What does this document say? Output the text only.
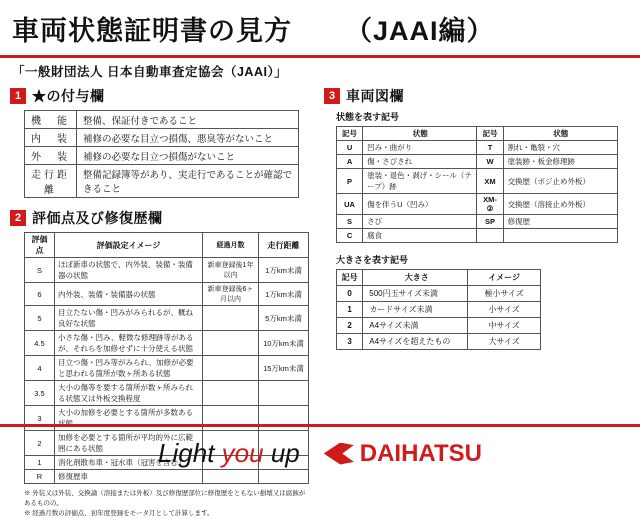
車両状態証明書の見方 （JAAI編）
「一般財団法人 日本自動車査定協会（JAAI）」
1 ★の付与欄
機　能	整備、保証付きであること
内　装	補修の必要な目立つ損傷、悪臭等がないこと
外　装	補修の必要な目立つ損傷がないこと
走行距離	整備記録簿等があり、実走行であることが確認できること
2 評価点及び修復歴欄
評価点	評価設定イメージ	経過月数	走行距離
S	ほぼ新車の状態で、内外装、装備・装備器の状態	新車登録後1年以内	1万km未満
6	内外装、装備・装備器の状態	新車登録後6ヶ月以内	1万km未満
5	目立たない傷・凹みがみられるが、概ね良好な状態		5万km未満
4.5	小さな傷・凹み、軽微な修理跡等があるが、それらを加修せずに十分使える状態		10万km未満
4	目立つ傷・凹み等がみられ、加修が必要と思われる箇所が数ヶ所ある状態		15万km未満
3.5	大小の傷等を要する箇所が数ヶ所みられる状態又は外板交換程度		
3	大小の加修を必要とする箇所が多数ある状態		
2	加修を必要とする箇所が平均的外に広範囲にある状態		
1	消化剤散布車・冠水車（冠害を含む）		
R	修復歴車		
※ 外装又は外装、交換論（溶接または外板）及び修復歴部位に修復歴をともない損壊又は腐蝕があるものの。
※ 経過月数の評価点、初年度登録をモータ月として計算します。
3 車両図欄
状態を表す記号
記号	状態	記号	状態
U	凹み・曲がり	T	割れ・亀裂・穴
A	傷・さぴされ	W	塗装跡・板金修理跡
P	塗装・退色・剥げ・シール（テープ）跡	XM	交換歴（ボジ止め外板）
UA	傷を伴うU（凹み）	XM-②	交換歴（溶接止め外板）
S	さび	SP	修復歴
C	腐食		
大きさを表す記号
記号	大きさ	イメージ
0	500円玉サイズ未満	極小サイズ
1	カードサイズ未満	小サイズ
2	A4サイズ未満	中サイズ
3	A4サイズを超えたもの	大サイズ
Light you up	DAIHATSU
